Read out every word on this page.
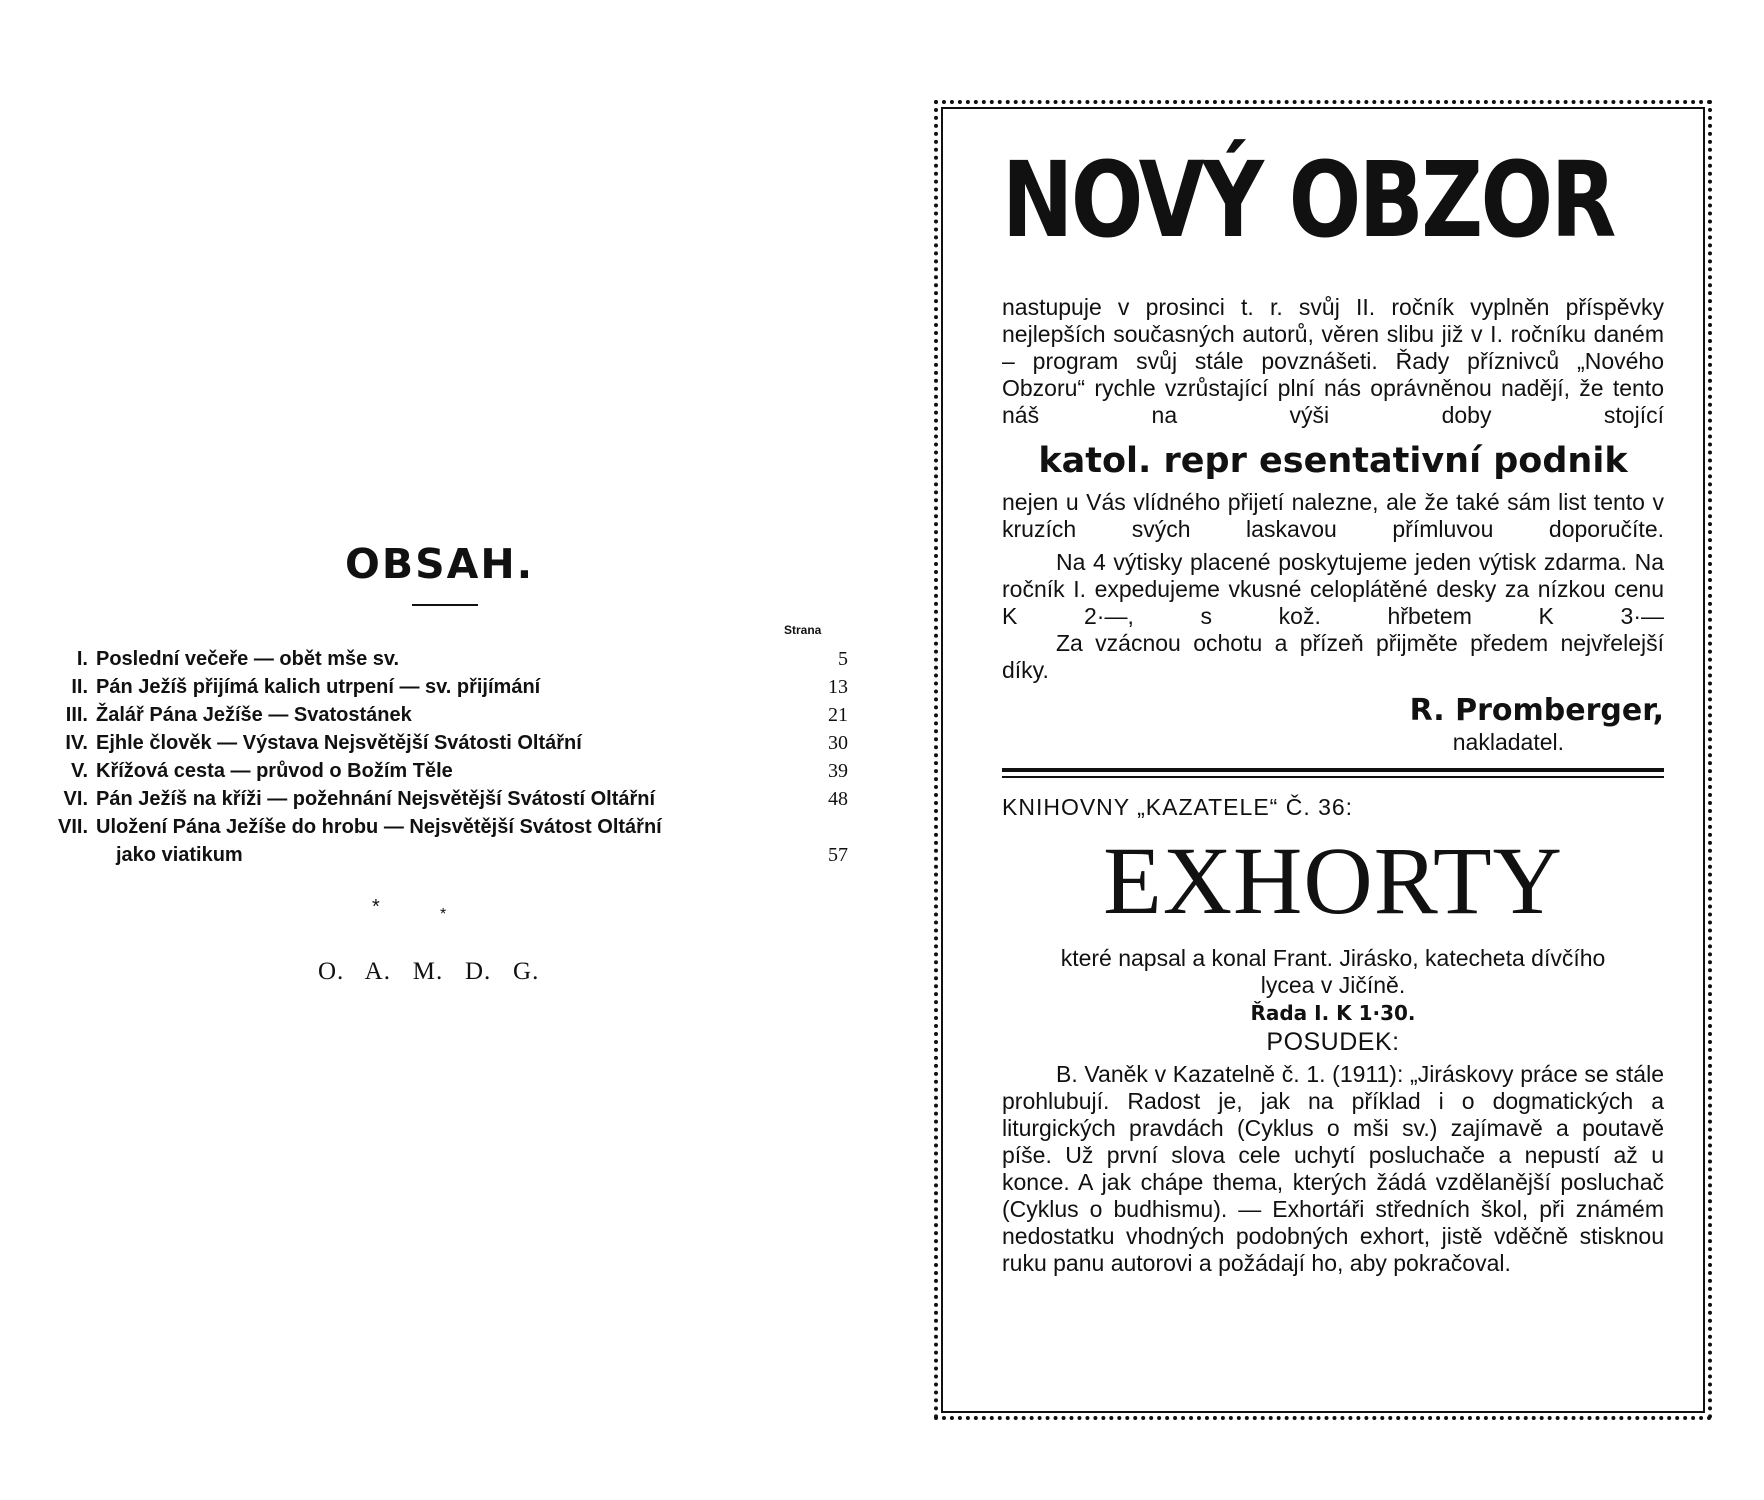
OBSAH.
Strana
I. Poslední večeře — obět mše sv.	5
II. Pán Ježíš přijímá kalich utrpení — sv. přijímání	13
III. Žalář Pána Ježíše — Svatostánek	21
IV. Ejhle člověk — Výstava Nejsvětější Svátosti Oltářní	30
V. Křížová cesta — průvod o Božím Těle	39
VI. Pán Ježíš na kříži — požehnání Nejsvětější Svátostí Oltářní	48
VII. Uložení Pána Ježíše do hrobu — Nejsvětější Svátost Oltářní
jako viatikum	57
*	*
O.   A.   M.   D.   G.
NOVÝ OBZOR

nastupuje v prosinci t. r. svůj II. ročník vyplněn příspěvky nejlepších současných autorů, věren slibu již v I. ročníku daném – program svůj stále povznášeti. Řady příznivců „Nového Obzoru“ rychle vzrůstající plní nás oprávněnou nadějí, že tento náš na výši doby stojící

katol. repr esentativní podnik

nejen u Vás vlídného přijetí nalezne, ale že také sám list tento v kruzích svých laskavou přímluvou doporučíte.

Na 4 výtisky placené poskytujeme jeden výtisk zdarma. Na ročník I. expedujeme vkusné celoplátěné desky za nízkou cenu K 2·—, s kož. hřbetem K 3·—

Za vzácnou ochotu a přízeň přijměte předem nejvřelejší díky.

R. Promberger,
nakladatel.
KNIHOVNY „KAZATELE“ Č. 36:
EXHORTY

které napsal a konal Frant. Jirásko, katecheta dívčího lycea v Jičíně.

Řada I. K 1·30.
POSUDEK:

B. Vaněk v Kazatelně č. 1. (1911): „Jiráskovy práce se stále prohlubují. Radost je, jak na příklad i o dogmatických a liturgických pravdách (Cyklus o mši sv.) zajímavě a poutavě píše. Už první slova cele uchytí posluchače a nepustí až u konce. A jak chápe thema, kterých žádá vzdělanější posluchač (Cyklus o budhismu). — Exhortáři středních škol, při známém nedostatku vhodných podobných exhort, jistě vděčně stisknou ruku panu autorovi a požádají ho, aby pokračoval.
